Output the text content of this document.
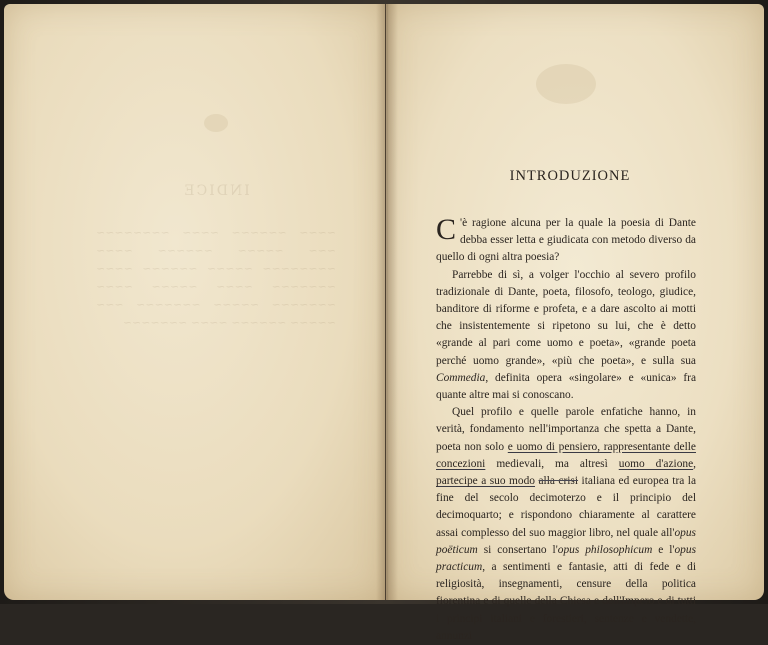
INDICE
~~~~ ~~~~~~ ~~~~ ~~~~~~~~ ~~~ ~~~~~ ~~~~~~ ~~~~ ~~~~~~~~ ~~~~~ ~~~~~~ ~~~~ ~~~~~~~ ~~~~ ~~~~~ ~~~~ ~~~~~~~ ~~~~~ ~~~~~~~ ~~~ ~~~~~ ~~~~~~ ~~~~ ~~~~~~~
INTRODUZIONE

C 'è ragione alcuna per la quale la poesia di Dante debba esser letta e giudicata con metodo diverso da quello di ogni altra poesia?

Parrebbe di sì, a volger l'occhio al severo profilo tradizionale di Dante, poeta, filosofo, teologo, giudice, banditore di riforme e profeta, e a dare ascolto ai motti che insistentemente si ripetono su lui, che è detto «grande al pari come uomo e poeta», «grande poeta perché uomo grande», «più che poeta», e sulla sua Commedia, definita opera «singolare» e «unica» fra quante altre mai si conoscano.

Quel profilo e quelle parole enfatiche hanno, in verità, fondamento nell'importanza che spetta a Dante, poeta non solo e uomo di pensiero, rappresentante delle concezioni medievali, ma altresì uomo d'azione, partecipe a suo modo alla crisi italiana ed europea tra la fine del secolo decimoterzo e il principio del decimoquarto; e rispondono chiaramente al carattere assai complesso del suo maggior libro, nel quale all'opus poëticum si consertano l'opus philosophicum e l'opus practicum, a sentimenti e fantasie, atti di fede e di religiosità, insegnamenti, censure della politica fiorentina e di quelle della Chiesa e dell'Impero e di tutti i principi italiani e forestieri, sentenze e vendette, annunzi
